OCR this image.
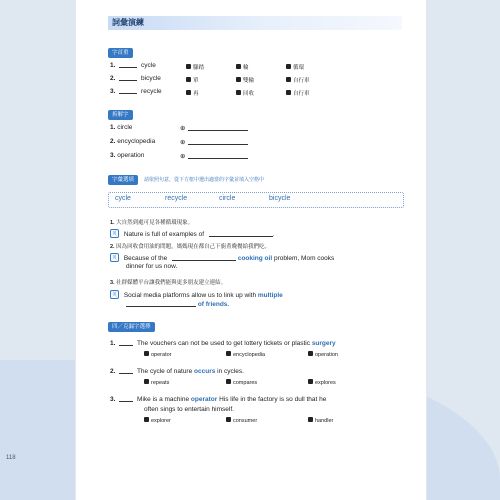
詞彙演練
字首重
1.	cycle	腳踏	輪	循環
2.	bicycle	單	雙輪	自行車
3.	recycle	再	回收	自行車
拆解字
1. circle	⊕
2. encyclopedia	⊕
3. operation	⊕
字彙選填	請依照句意，從下方框中選出適當的字彙並填入空格中
cycle	recycle	circle	bicycle
1. 大自然到處可見各種循環現象。
英 Nature is full of examples of	.
2. 因為回收食用油的問題，媽媽現在都自己下廚煮晚餐給我們吃。
英 Because of the	cooking oil problem, Mom cooks
dinner for us now.
3. 社群媒體平台讓我們能與更多朋友建立連結。
英 Social media platforms allow us to link up with multiple
of friends.
四／克漏字選擇
1.	The vouchers can not be used to get lottery tickets or plastic surgery
operator	encyclopedia	operation
2.	The cycle of nature occurs in cycles.
repeats	compares	explores
3.	Mike is a machine operator His life in the factory is so dull that he
often sings to entertain himself.
explorer	consumer	handler
118
